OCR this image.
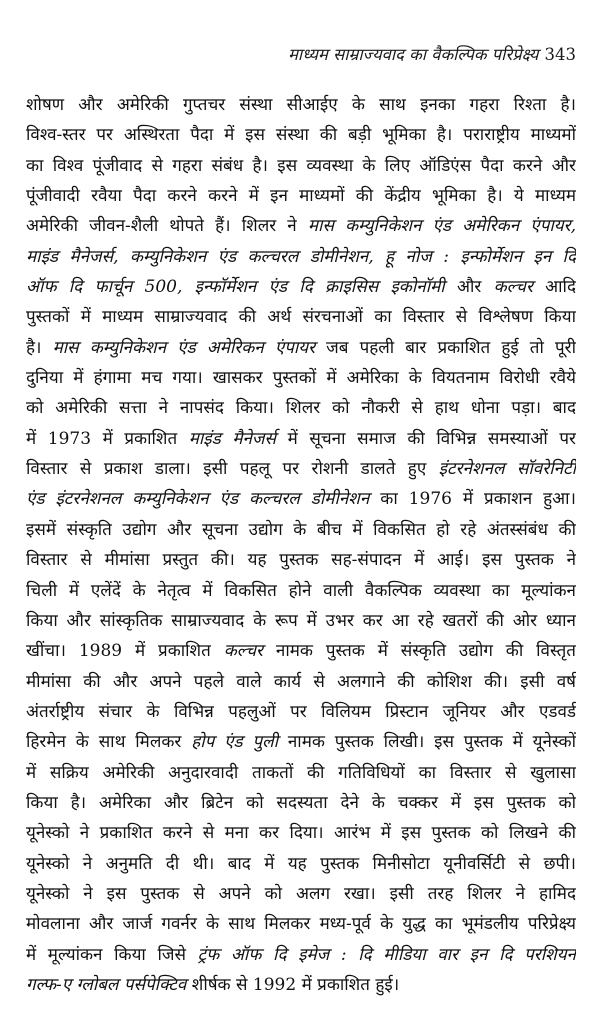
माध्यम साम्राज्यवाद का वैकल्पिक परिप्रेक्ष्य 343
शोषण और अमेरिकी गुप्तचर संस्था सीआईए के साथ इनका गहरा रिश्ता है।
विश्व-स्तर पर अस्थिरता पैदा में इस संस्था की बड़ी भूमिका है। पराराष्ट्रीय माध्यमों
का विश्व पूंजीवाद से गहरा संबंध है। इस व्यवस्था के लिए ऑडिएंस पैदा करने और
पूंजीवादी रवैया पैदा करने करने में इन माध्यमों की केंद्रीय भूमिका है। ये माध्यम
अमेरिकी जीवन-शैली थोपते हैं। शिलर ने मास कम्युनिकेशन एंड अमेरिकन एंपायर,
माइंड मैनेजर्स, कम्युनिकेशन एंड कल्चरल डोमीनेशन, हू नोज : इन्फोर्मेशन इन दि
ऑफ दि फार्चून 500, इन्फॉर्मेशन एंड दि क्राइसिस इकोनॉमी और कल्चर आदि
पुस्तकों में माध्यम साम्राज्यवाद की अर्थ संरचनाओं का विस्तार से विश्लेषण किया
है। मास कम्युनिकेशन एंड अमेरिकन एंपायर जब पहली बार प्रकाशित हुई तो पूरी
दुनिया में हंगामा मच गया। खासकर पुस्तकों में अमेरिका के वियतनाम विरोधी रवैये
को अमेरिकी सत्ता ने नापसंद किया। शिलर को नौकरी से हाथ धोना पड़ा। बाद
में 1973 में प्रकाशित माइंड मैनेजर्स में सूचना समाज की विभिन्न समस्याओं पर
विस्तार से प्रकाश डाला। इसी पहलू पर रोशनी डालते हुए इंटरनेशनल सॉवरेनिटी
एंड इंटरनेशनल कम्युनिकेशन एंड कल्चरल डोमीनेशन का 1976 में प्रकाशन हुआ।
इसमें संस्कृति उद्योग और सूचना उद्योग के बीच में विकसित हो रहे अंतस्संबंध की
विस्तार से मीमांसा प्रस्तुत की। यह पुस्तक सह-संपादन में आई। इस पुस्तक ने
चिली में एलेंदें के नेतृत्व में विकसित होने वाली वैकल्पिक व्यवस्था का मूल्यांकन
किया और सांस्कृतिक साम्राज्यवाद के रूप में उभर कर आ रहे खतरों की ओर ध्यान
खींचा। 1989 में प्रकाशित कल्चर नामक पुस्तक में संस्कृति उद्योग की विस्तृत
मीमांसा की और अपने पहले वाले कार्य से अलगाने की कोशिश की। इसी वर्ष
अंतर्राष्ट्रीय संचार के विभिन्न पहलुओं पर विलियम प्रिस्टान जूनियर और एडवर्ड
हिरमेन के साथ मिलकर होप एंड पुली नामक पुस्तक लिखी। इस पुस्तक में यूनेस्कों
में सक्रिय अमेरिकी अनुदारवादी ताकतों की गतिविधियों का विस्तार से खुलासा
किया है। अमेरिका और ब्रिटेन को सदस्यता देने के चक्कर में इस पुस्तक को
यूनेस्को ने प्रकाशित करने से मना कर दिया। आरंभ में इस पुस्तक को लिखने की
यूनेस्को ने अनुमति दी थी। बाद में यह पुस्तक मिनीसोटा यूनीवर्सिटी से छपी।
यूनेस्को ने इस पुस्तक से अपने को अलग रखा। इसी तरह शिलर ने हामिद
मोवलाना और जार्ज गवर्नर के साथ मिलकर मध्य-पूर्व के युद्ध का भूमंडलीय परिप्रेक्ष्य
में मूल्यांकन किया जिसे ट्रंफ ऑफ दि इमेज : दि मीडिया वार इन दि परशियन
गल्फ-ए ग्लोबल पर्सपेक्टिव शीर्षक से 1992 में प्रकाशित हुई।
